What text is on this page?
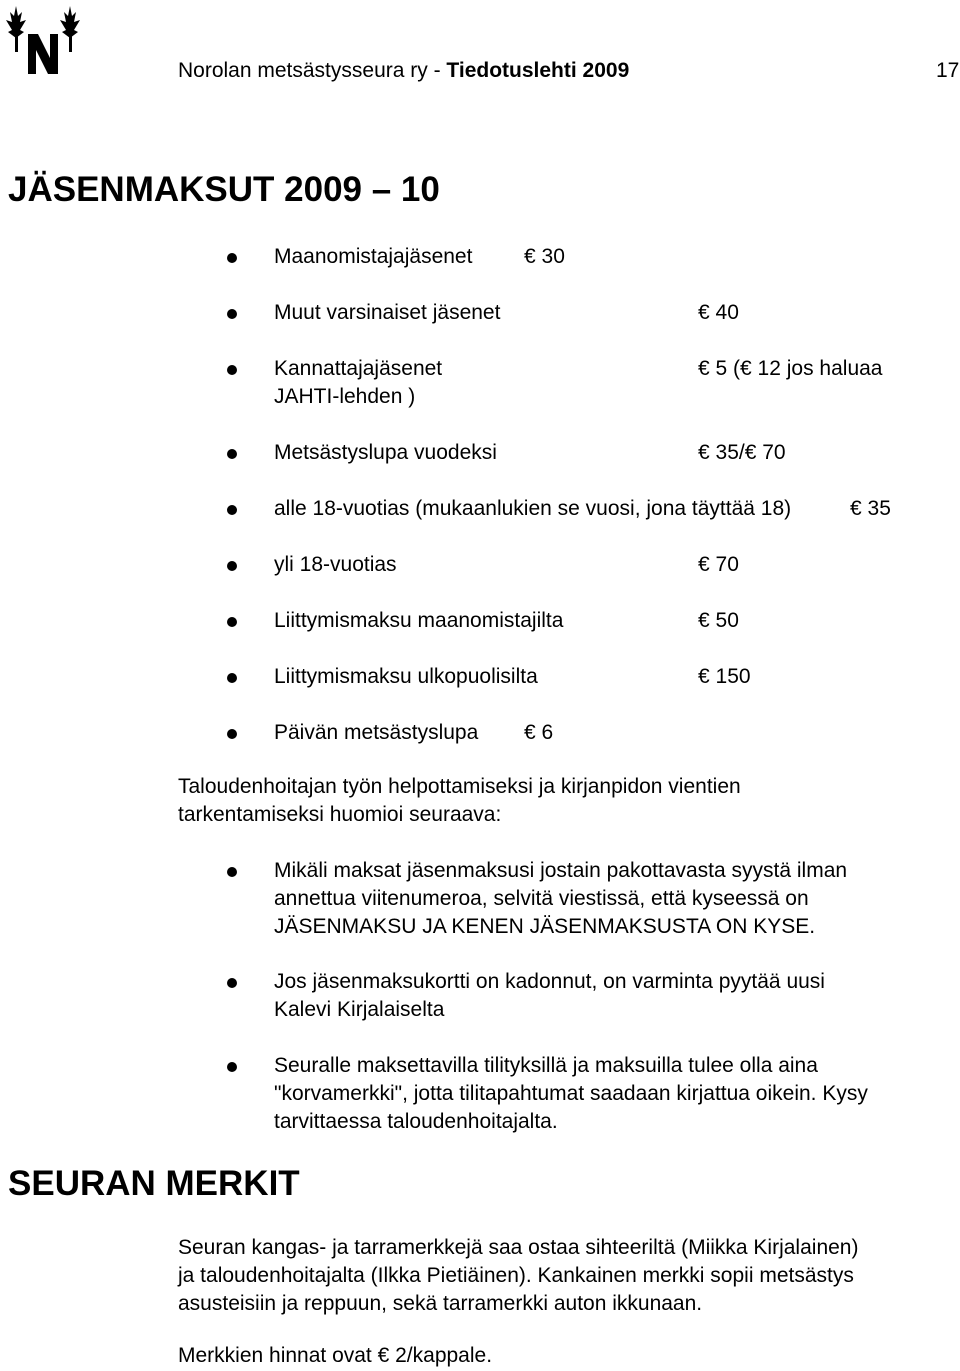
Norolan metsästysseura ry - Tiedotuslehti 2009	17
JÄSENMAKSUT 2009 – 10
Maanomistajajäsenet € 30
Muut varsinaiset jäsenet	€ 40
Kannattajajäsenet	€ 5 (€ 12 jos haluaa
JAHTI-lehden )
Metsästyslupa vuodeksi	€ 35/€ 70
alle 18-vuotias (mukaanlukien se vuosi, jona täyttää 18)	€ 35
yli 18-vuotias	€ 70
Liittymismaksu maanomistajilta	€ 50
Liittymismaksu ulkopuolisilta	€ 150
Päivän metsästyslupa € 6
Taloudenhoitajan työn helpottamiseksi ja kirjanpidon vientien
tarkentamiseksi huomioi seuraava:
Mikäli maksat jäsenmaksusi jostain pakottavasta syystä ilman
annettua viitenumeroa, selvitä viestissä, että kyseessä on
JÄSENMAKSU JA KENEN JÄSENMAKSUSTA ON KYSE.
Jos jäsenmaksukortti on kadonnut, on varminta pyytää uusi
Kalevi Kirjalaiselta
Seuralle maksettavilla tilityksillä ja maksuilla tulee olla aina
"korvamerkki", jotta tilitapahtumat saadaan kirjattua oikein. Kysy
tarvittaessa taloudenhoitajalta.
SEURAN MERKIT
Seuran kangas- ja tarramerkkejä saa ostaa sihteeriltä (Miikka Kirjalainen)
ja taloudenhoitajalta (Ilkka Pietiäinen). Kankainen merkki sopii metsästys
asusteisiin ja reppuun, sekä tarramerkki auton ikkunaan.
Merkkien hinnat ovat € 2/kappale.
